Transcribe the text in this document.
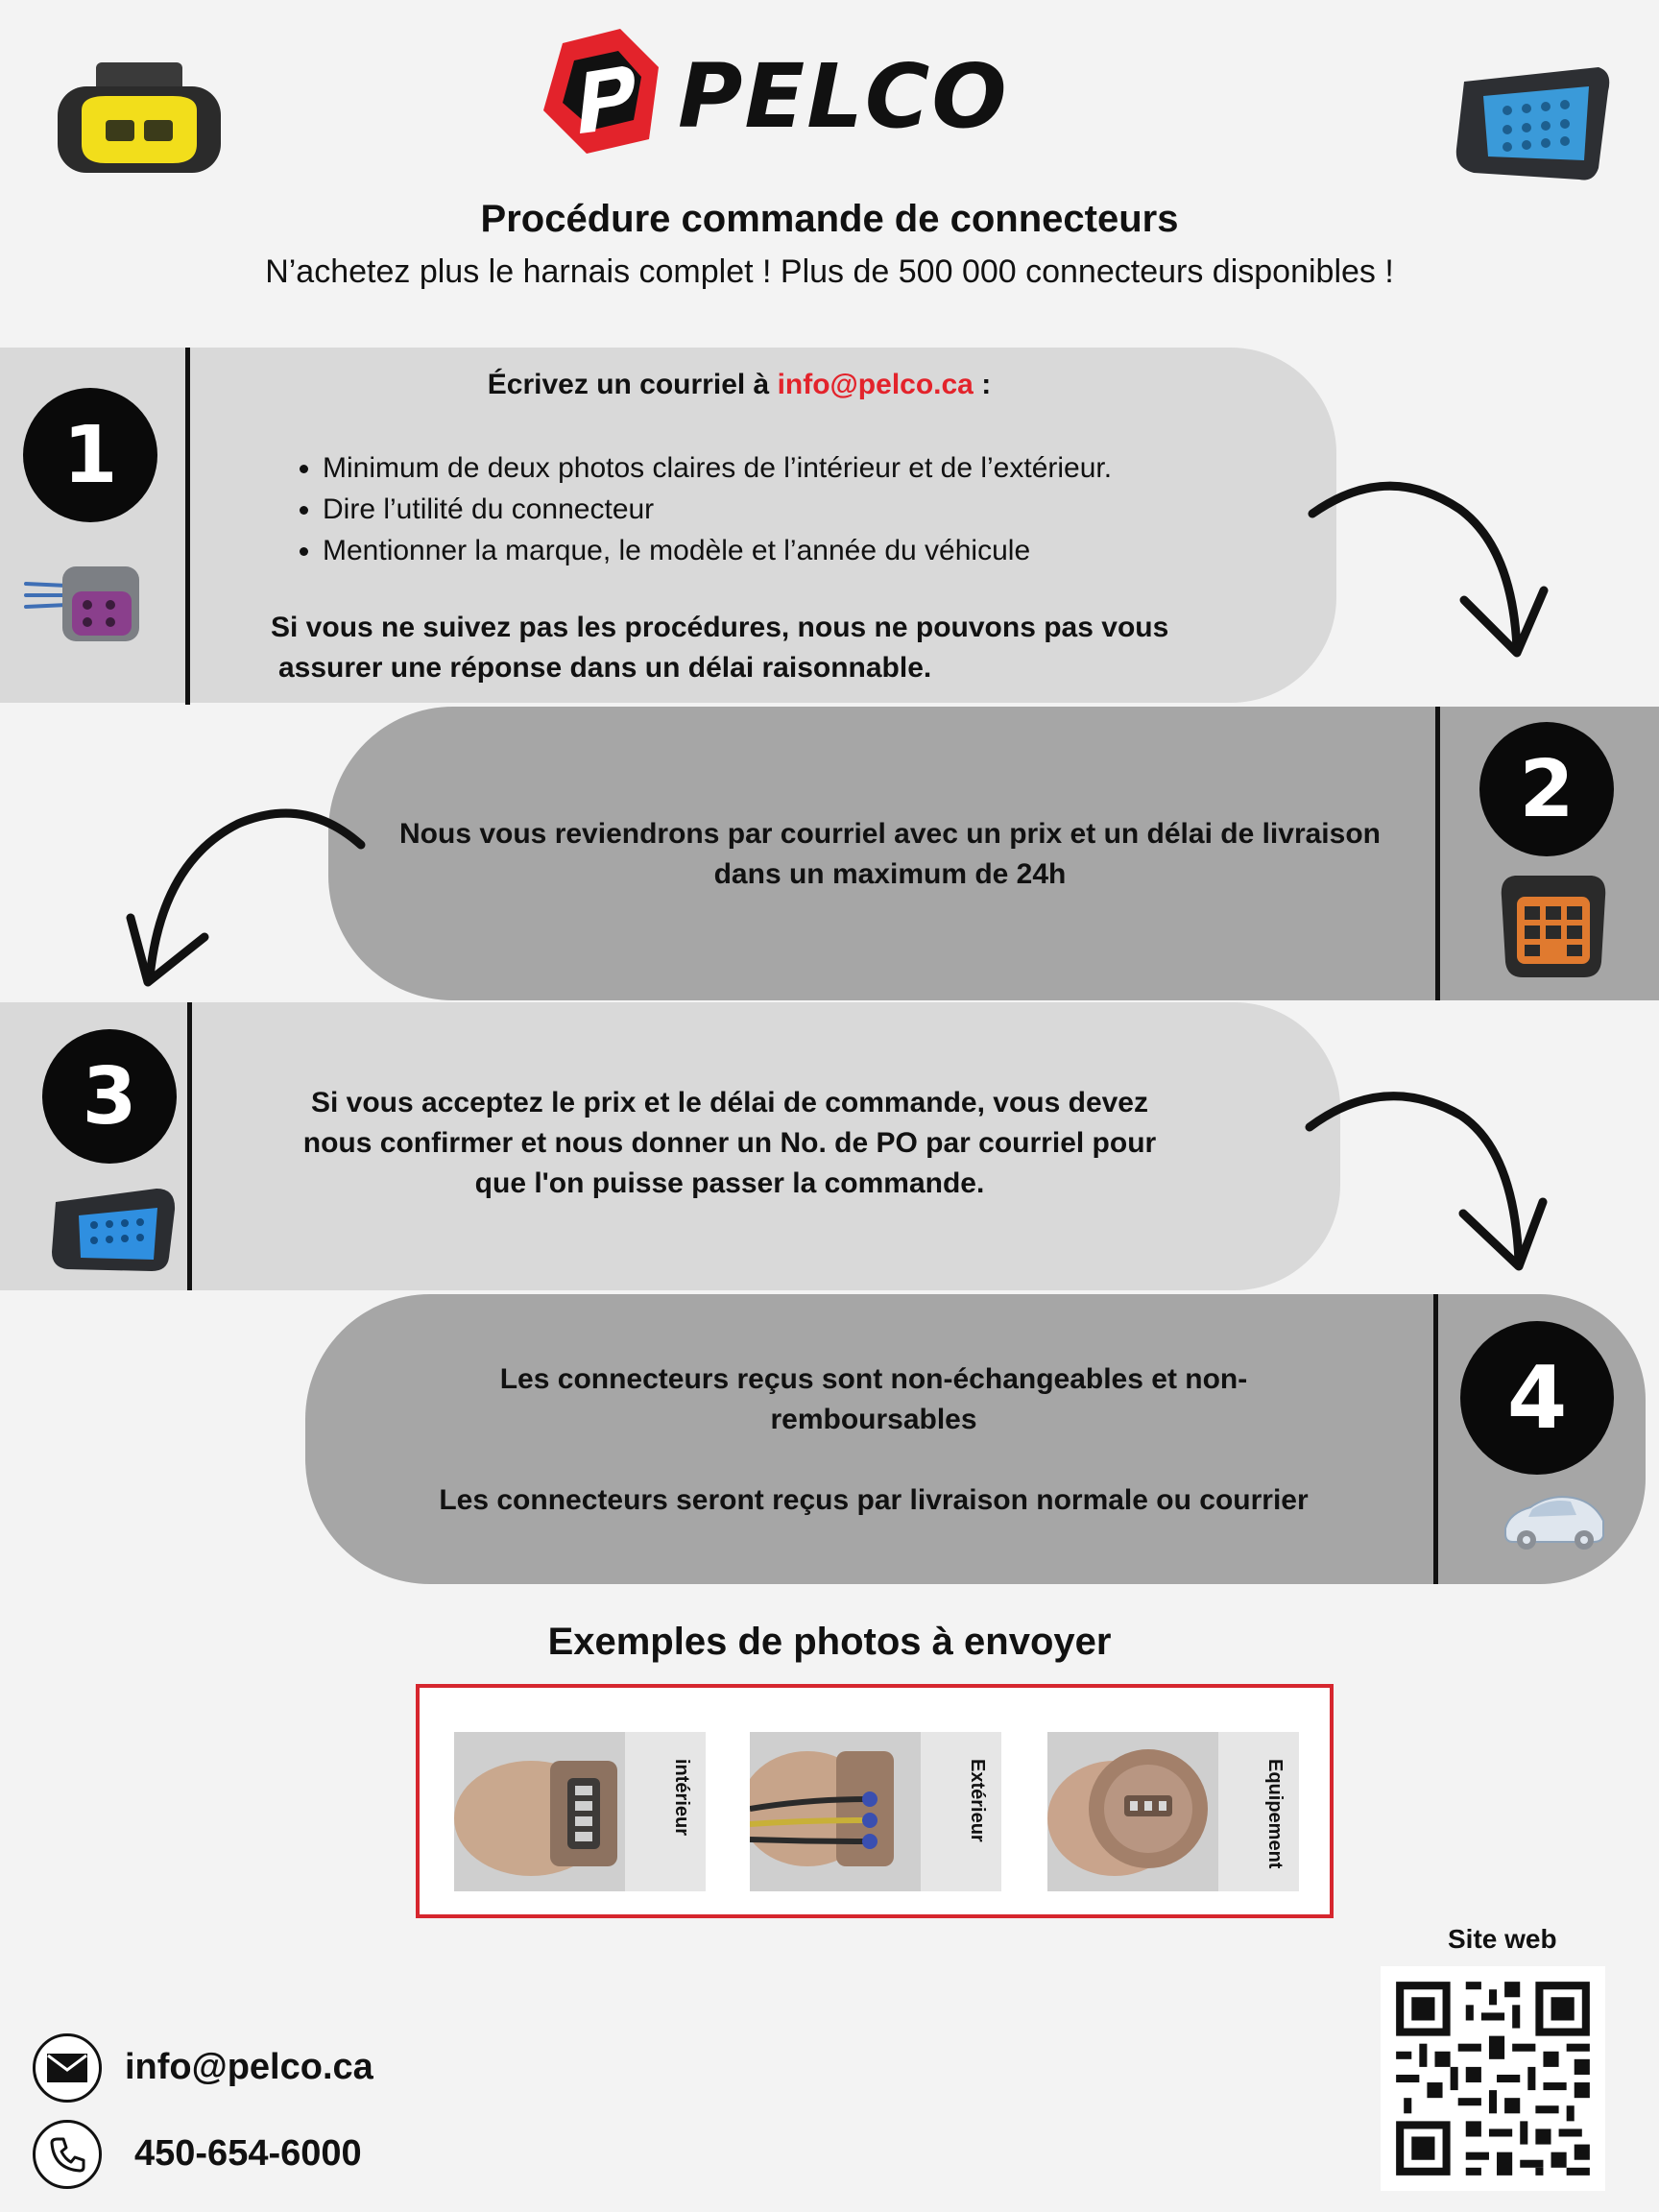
PELCO
Procédure commande de connecteurs
N’achetez plus le harnais complet ! Plus de 500 000 connecteurs disponibles !
1
Écrivez un courriel à info@pelco.ca :
• Minimum de deux photos claires de l’intérieur et de l’extérieur.
• Dire l’utilité du connecteur
• Mentionner la marque, le modèle et l’année du véhicule
Si vous ne suivez pas les procédures, nous ne pouvons pas vous
assurer une réponse dans un délai raisonnable.
2
Nous vous reviendrons par courriel avec un prix et un délai de livraison
dans un maximum de 24h
3	Si vous acceptez le prix et le délai de commande, vous devez
nous confirmer et nous donner un No. de PO par courriel pour
que l'on puisse passer la commande.
4
Les connecteurs reçus sont non-échangeables et non-
remboursables
Les connecteurs seront reçus par livraison normale ou courrier
Exemples de photos à envoyer
intérieur	Extérieur	Equipement
info@pelco.ca
450-654-6000
Site web
